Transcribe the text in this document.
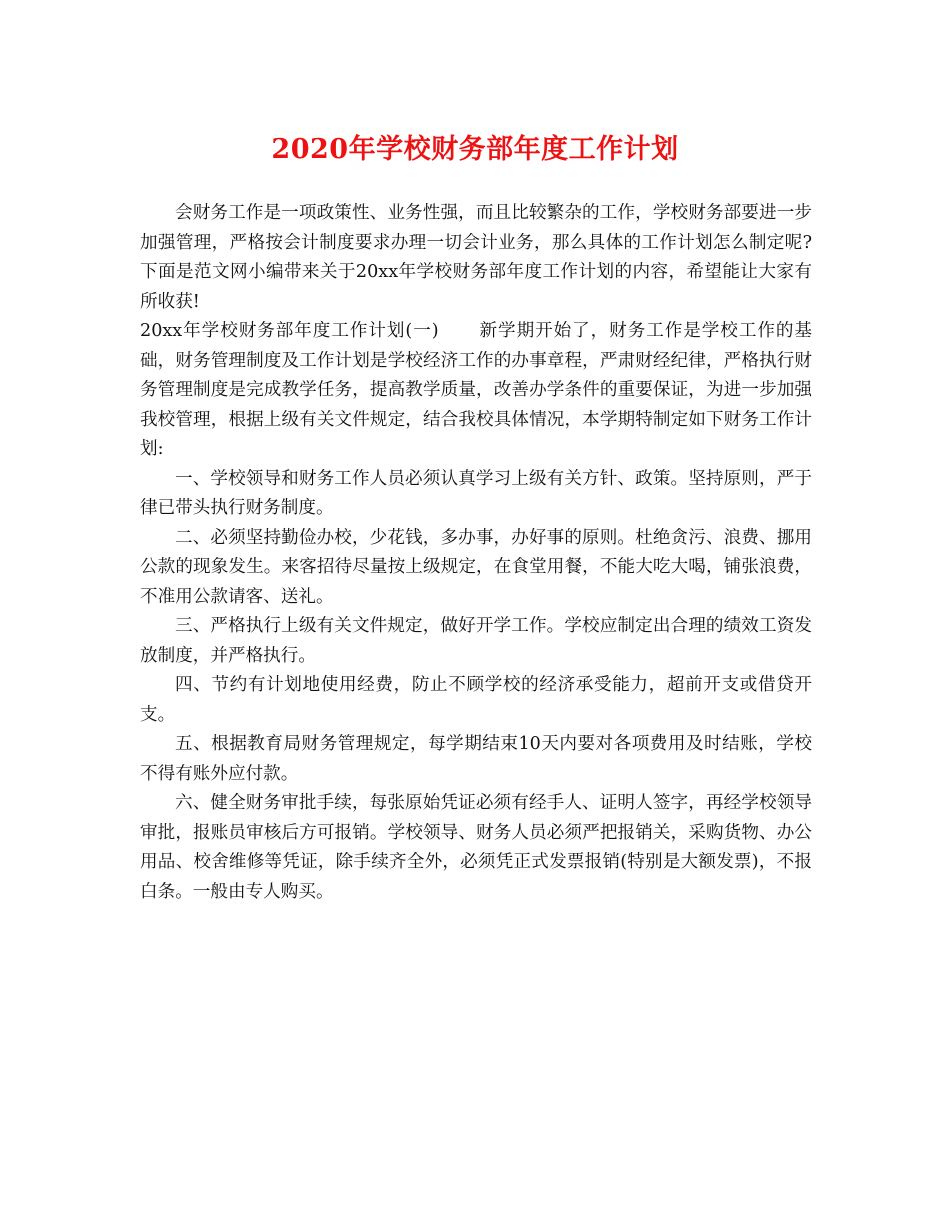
2020年学校财务部年度工作计划

会财务工作是一项政策性、业务性强，而且比较繁杂的工作，学校财务部要进一步加强管理，严格按会计制度要求办理一切会计业务，那么具体的工作计划怎么制定呢?下面是范文网小编带来关于20xx年学校财务部年度工作计划的内容，希望能让大家有所收获!

20xx年学校财务部年度工作计划(一) 新学期开始了，财务工作是学校工作的基础，财务管理制度及工作计划是学校经济工作的办事章程，严肃财经纪律，严格执行财务管理制度是完成教学任务，提高教学质量，改善办学条件的重要保证，为进一步加强我校管理，根据上级有关文件规定，结合我校具体情况，本学期特制定如下财务工作计划:

一、学校领导和财务工作人员必须认真学习上级有关方针、政策。坚持原则，严于律已带头执行财务制度。

二、必须坚持勤俭办校，少花钱，多办事，办好事的原则。杜绝贪污、浪费、挪用公款的现象发生。来客招待尽量按上级规定，在食堂用餐，不能大吃大喝，铺张浪费，不准用公款请客、送礼。

三、严格执行上级有关文件规定，做好开学工作。学校应制定出合理的绩效工资发放制度，并严格执行。

四、节约有计划地使用经费，防止不顾学校的经济承受能力，超前开支或借贷开支。

五、根据教育局财务管理规定，每学期结束10天内要对各项费用及时结账，学校不得有账外应付款。

六、健全财务审批手续，每张原始凭证必须有经手人、证明人签字，再经学校领导审批，报账员审核后方可报销。学校领导、财务人员必须严把报销关，采购货物、办公用品、校舍维修等凭证，除手续齐全外，必须凭正式发票报销(特别是大额发票)，不报白条。一般由专人购买。
